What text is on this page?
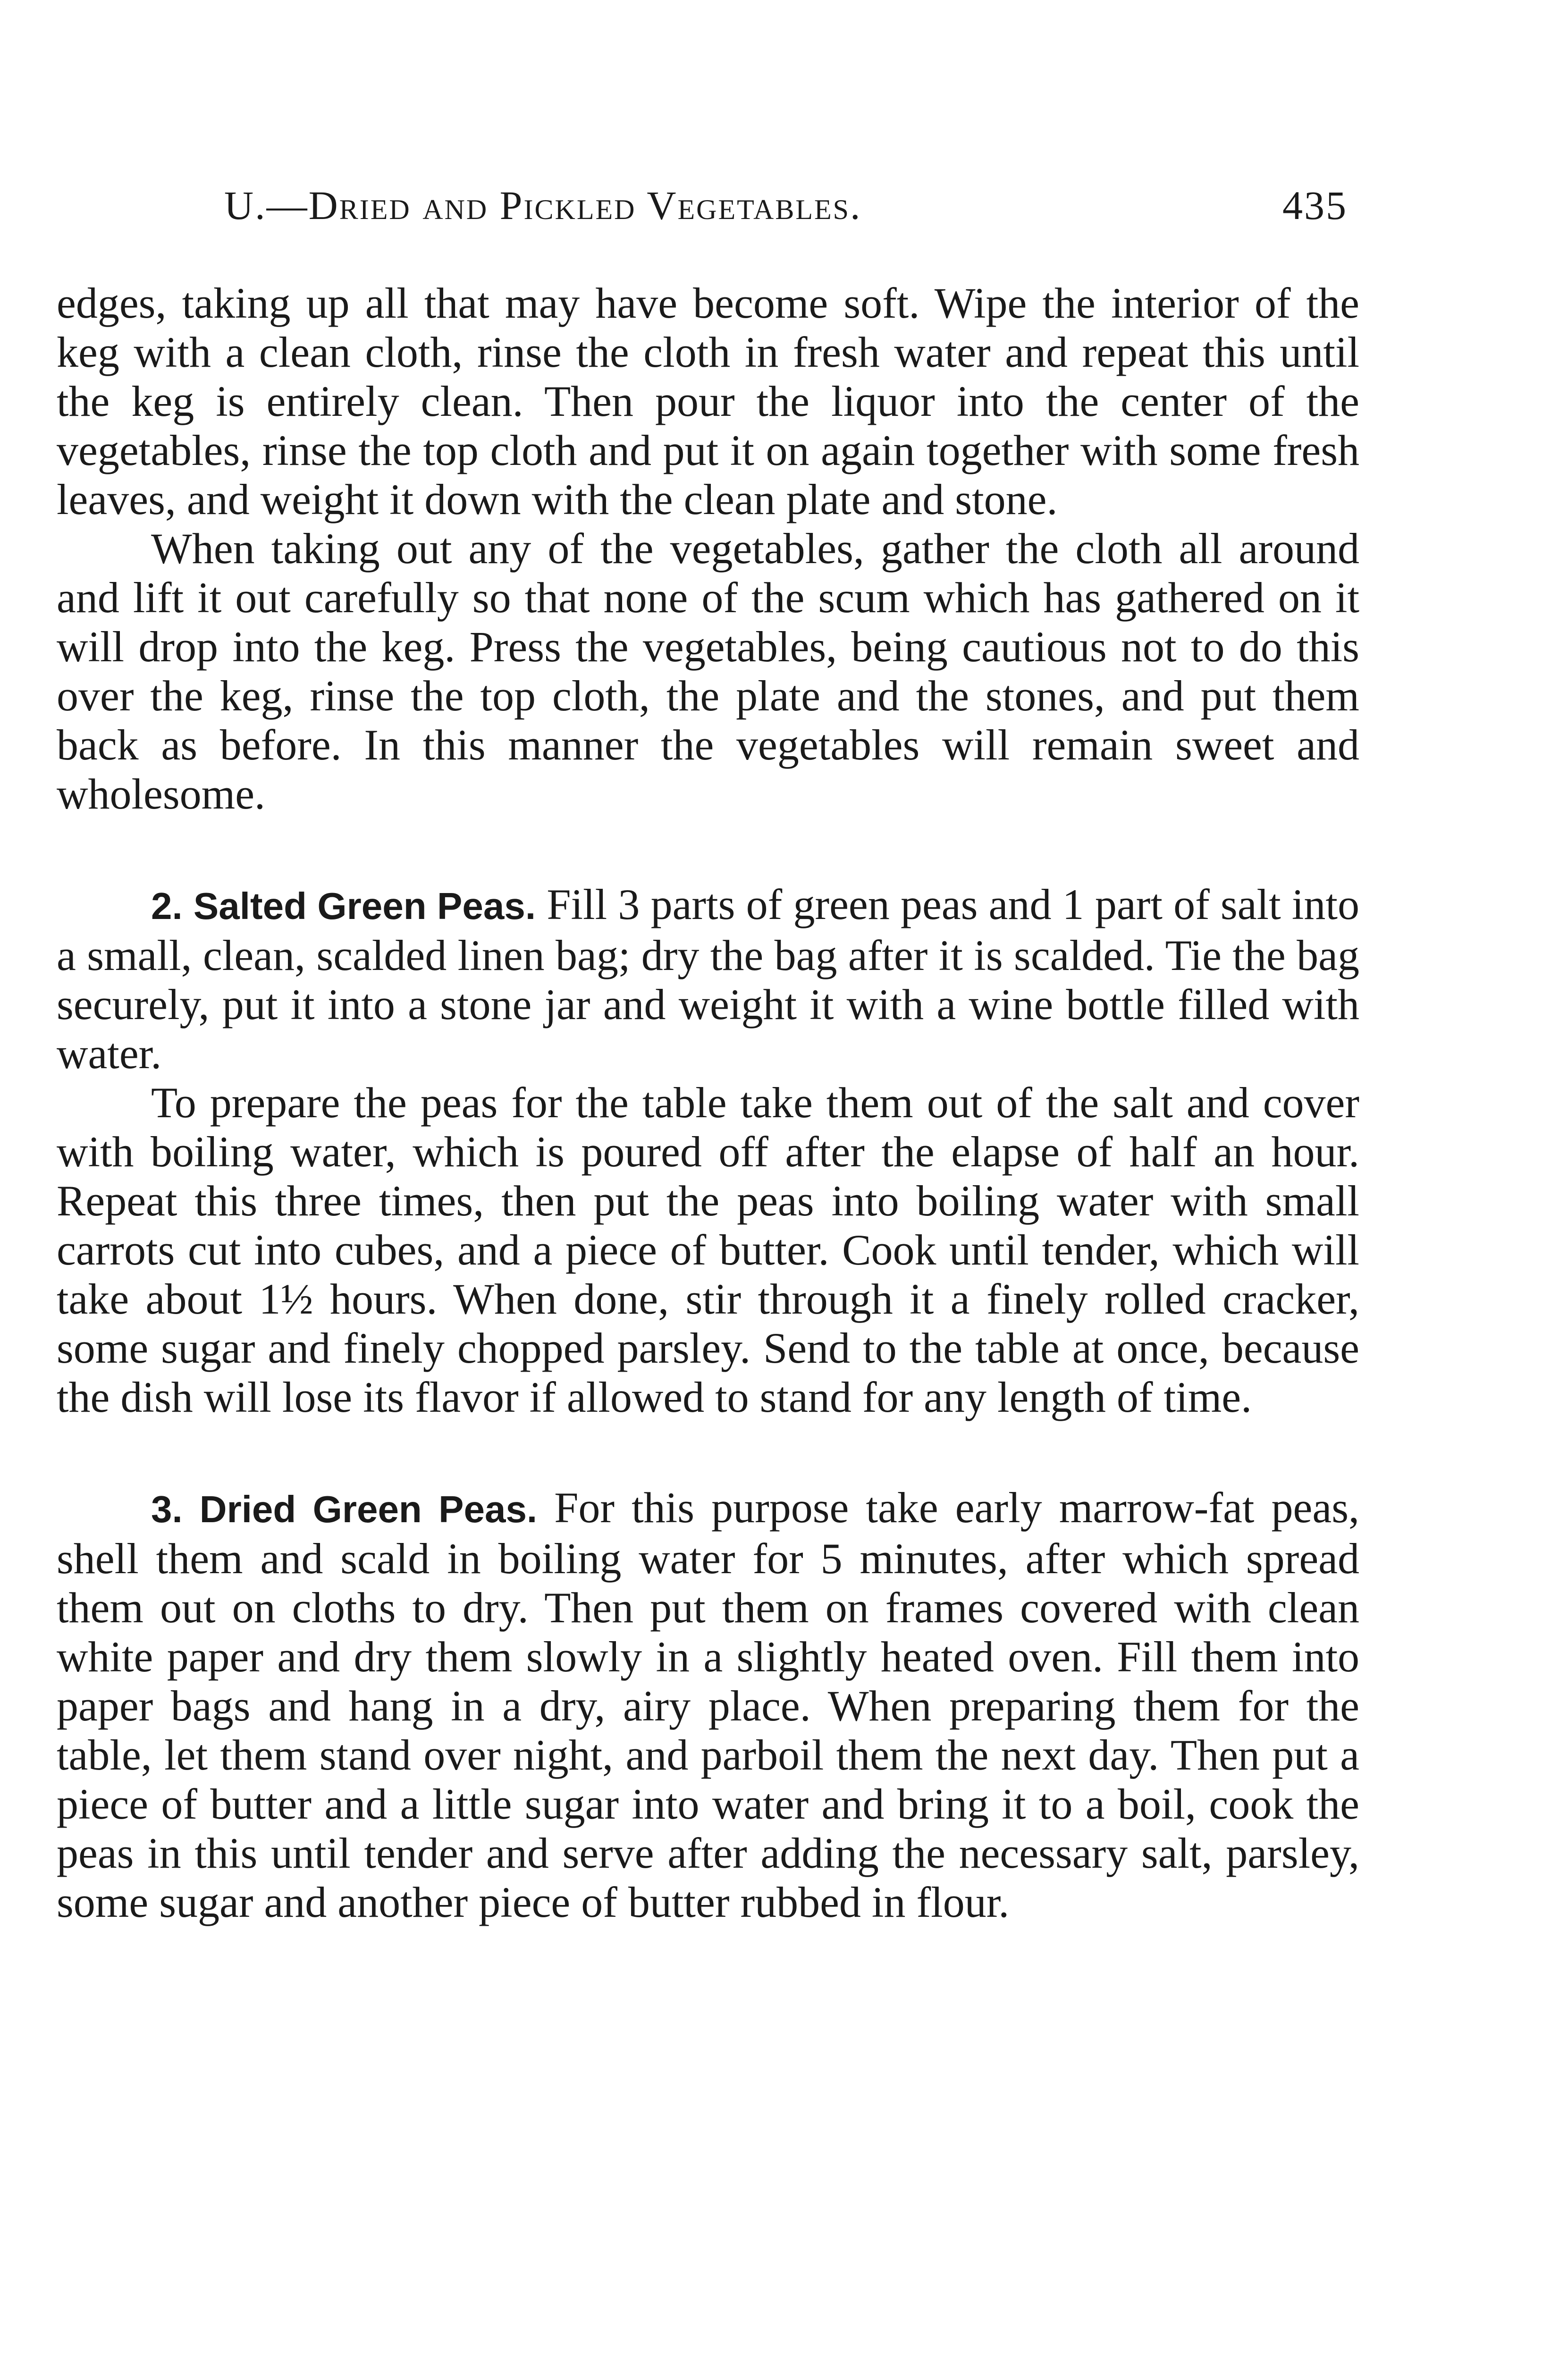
U.—Dried and Pickled Vegetables.	435

edges, taking up all that may have become soft. Wipe the interior of the keg with a clean cloth, rinse the cloth in fresh water and repeat this until the keg is entirely clean. Then pour the liquor into the center of the vegetables, rinse the top cloth and put it on again together with some fresh leaves, and weight it down with the clean plate and stone.

When taking out any of the vegetables, gather the cloth all around and lift it out carefully so that none of the scum which has gathered on it will drop into the keg. Press the vegetables, being cautious not to do this over the keg, rinse the top cloth, the plate and the stones, and put them back as before. In this manner the vegetables will remain sweet and wholesome.

2. Salted Green Peas. Fill 3 parts of green peas and 1 part of salt into a small, clean, scalded linen bag; dry the bag after it is scalded. Tie the bag securely, put it into a stone jar and weight it with a wine bottle filled with water.

To prepare the peas for the table take them out of the salt and cover with boiling water, which is poured off after the elapse of half an hour. Repeat this three times, then put the peas into boiling water with small carrots cut into cubes, and a piece of butter. Cook until tender, which will take about 1½ hours. When done, stir through it a finely rolled cracker, some sugar and finely chopped parsley. Send to the table at once, because the dish will lose its flavor if allowed to stand for any length of time.

3. Dried Green Peas. For this purpose take early marrow-fat peas, shell them and scald in boiling water for 5 minutes, after which spread them out on cloths to dry. Then put them on frames covered with clean white paper and dry them slowly in a slightly heated oven. Fill them into paper bags and hang in a dry, airy place. When preparing them for the table, let them stand over night, and parboil them the next day. Then put a piece of butter and a little sugar into water and bring it to a boil, cook the peas in this until tender and serve after adding the necessary salt, parsley, some sugar and another piece of butter rubbed in flour.
